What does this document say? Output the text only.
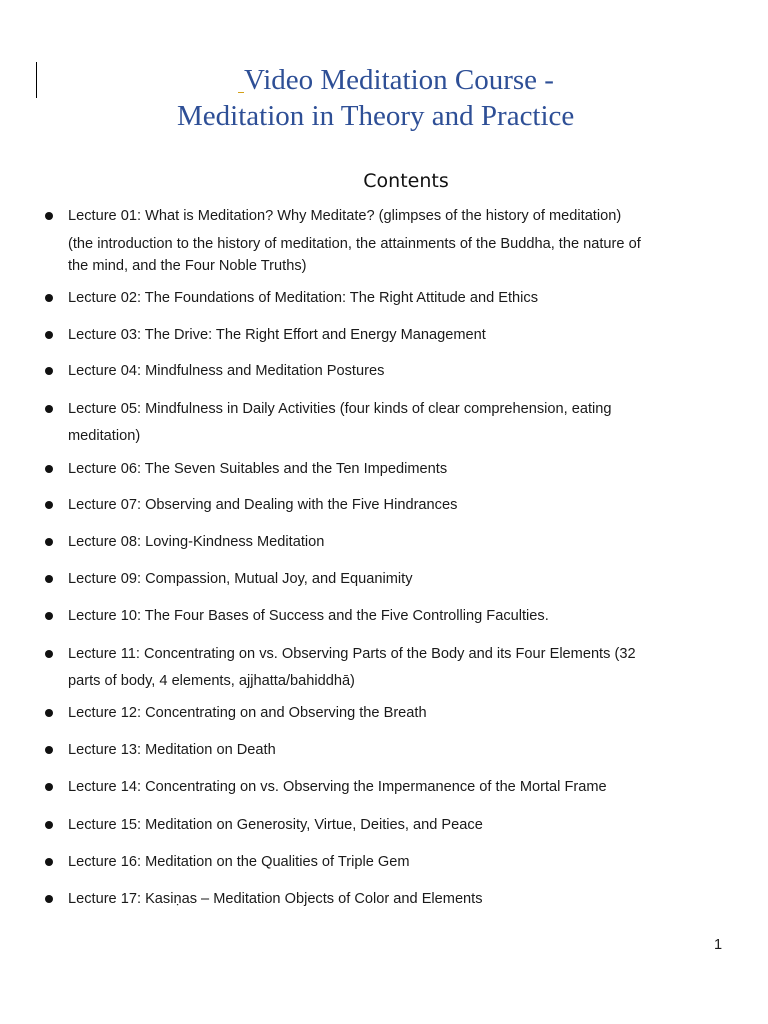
Video Meditation Course -
Meditation in Theory and Practice
Contents
Lecture 01: What is Meditation? Why Meditate? (glimpses of the history of meditation)
(the introduction to the history of meditation, the attainments of the Buddha, the nature of
the mind, and the Four Noble Truths)
Lecture 02: The Foundations of Meditation: The Right Attitude and Ethics
Lecture 03: The Drive: The Right Effort and Energy Management
Lecture 04: Mindfulness and Meditation Postures
Lecture 05: Mindfulness in Daily Activities (four kinds of clear comprehension, eating
meditation)
Lecture 06: The Seven Suitables and the Ten Impediments
Lecture 07: Observing and Dealing with the Five Hindrances
Lecture 08: Loving-Kindness Meditation
Lecture 09: Compassion, Mutual Joy, and Equanimity
Lecture 10: The Four Bases of Success and the Five Controlling Faculties.
Lecture 11: Concentrating on vs. Observing Parts of the Body and its Four Elements (32
parts of body, 4 elements, ajjhatta/bahiddhā)
Lecture 12: Concentrating on and Observing the Breath
Lecture 13: Meditation on Death
Lecture 14: Concentrating on vs. Observing the Impermanence of the Mortal Frame
Lecture 15: Meditation on Generosity, Virtue, Deities, and Peace
Lecture 16: Meditation on the Qualities of Triple Gem
Lecture 17: Kasiṇas – Meditation Objects of Color and Elements
1
